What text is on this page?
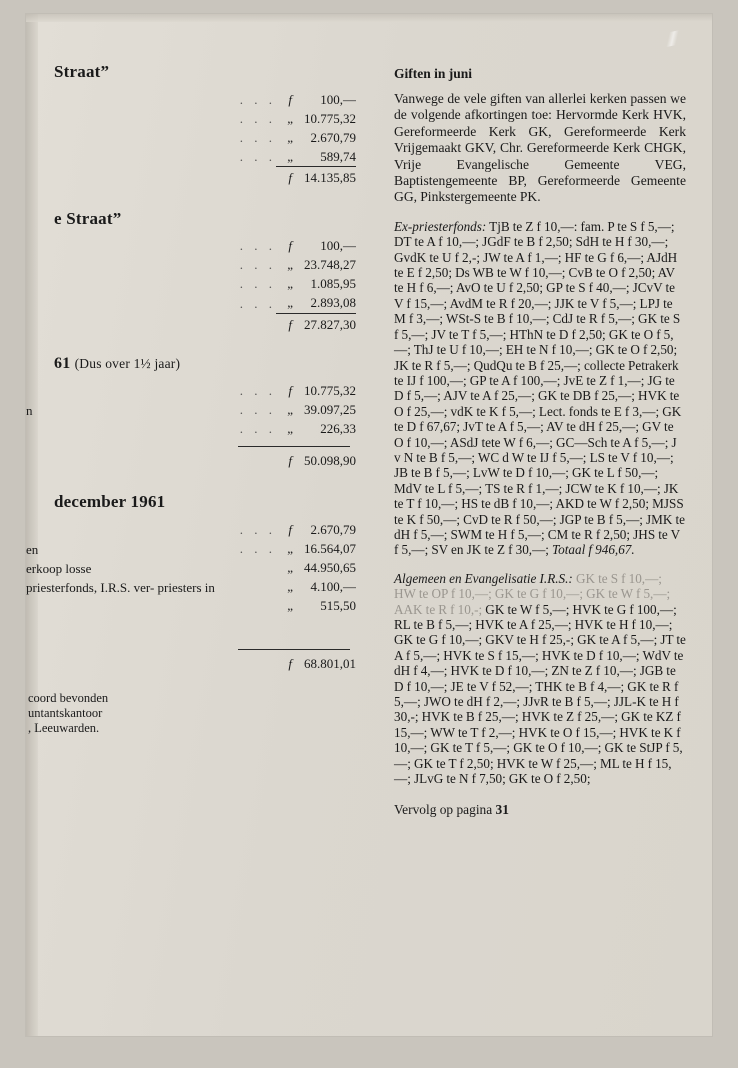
Straat”
	. . .	f	100,—
	. . .	„	10.775,32
	. . .	„	2.670,79
	. . .	„	589,74
		f	14.135,85

e Straat”
	. . .	f	100,—
	. . .	„	23.748,27
	. . .	„	1.085,95
	. . .	„	2.893,08
		f	27.827,30

61 (Dus over 1½ jaar)
	. . .	f	10.775,32
n	. . .	„	39.097,25
	. . .	„	226,33
		f	50.098,90
december 1961
	. . .	f	2.670,79
en	. . .	„	16.564,07
erkoop losse		„	44.950,65
priesterfonds, I.R.S. ver- priesters in		„	4.100,—
		„	515,50
		f	68.801,01
coord bevonden
untantskantoor
, Leeuwarden.
Giften in juni

Vanwege de vele giften van allerlei kerken passen we de volgende afkortingen toe: Hervormde Kerk HVK, Gereformeerde Kerk GK, Gereformeerde Kerk Vrijgemaakt GKV, Chr. Gereformeerde Kerk CHGK, Vrije Evangelische Gemeente VEG, Baptistengemeente BP, Gereformeerde Gemeente GG, Pinkstergemeente PK.

Ex-priesterfonds: TjB te Z f 10,—: fam. P te S f 5,—; DT te A f 10,—; JGdF te B f 2,50; SdH te H f 30,—; GvdK te U f 2,-; JW te A f 1,—; HF te G f 6,—; AJdH te E f 2,50; Ds WB te W f 10,—; CvB te O f 2,50; AV te H f 6,—; AvO te U f 2,50; GP te S f 40,—; JCvV te V f 15,—; AvdM te R f 20,—; JJK te V f 5,—; LPJ te M f 3,—; WSt-S te B f 10,—; CdJ te R f 5,—; GK te S f 5,—; JV te T f 5,—; HThN te D f 2,50; GK te O f 5,—; ThJ te U f 10,—; EH te N f 10,—; GK te O f 2,50; JK te R f 5,—; QudQu te B f 25,—; collecte Petrakerk te IJ f 100,—; GP te A f 100,—; JvE te Z f 1,—; JG te D f 5,—; AJV te A f 25,—; GK te DB f 25,—; HVK te O f 25,—; vdK te K f 5,—; Lect. fonds te E f 3,—; GK te D f 67,67; JvT te A f 5,—; AV te dH f 25,—; GV te O f 10,—; ASdJ tete W f 6,—; GC—Sch te A f 5,—; J v N te B f 5,—; WC d W te IJ f 5,—; LS te V f 10,—; JB te B f 5,—; LvW te D f 10,—; GK te L f 50,—; MdV te L f 5,—; TS te R f 1,—; JCW te K f 10,—; JK te T f 10,—; HS te dB f 10,—; AKD te W f 2,50; MJSS te K f 50,—; CvD te R f 50,—; JGP te B f 5,—; JMK te dH f 5,—; SWM te H f 5,—; CM te R f 2,50; JHS te V f 5,—; SV en JK te Z f 30,—; Totaal f 946,67.

Algemeen en Evangelisatie I.R.S.: GK te S f 10,—; HW te OP f 10,—; GK te G f 10,—; GK te W f 5,—; AAK te R f 10,-; GK te W f 5,—; HVK te G f 100,—; RL te B f 5,—; HVK te A f 25,—; HVK te H f 10,—; GK te G f 10,—; GKV te H f 25,-; GK te A f 5,—; JT te A f 5,—; HVK te S f 15,—; HVK te D f 10,—; WdV te dH f 4,—; HVK te D f 10,—; ZN te Z f 10,—; JGB te D f 10,—; JE te V f 52,—; THK te B f 4,—; GK te R f 5,—; JWO te dH f 2,—; JJvR te B f 5,—; JJL-K te H f 30,-; HVK te B f 25,—; HVK te Z f 25,—; GK te KZ f 15,—; WW te T f 2,—; HVK te O f 15,—; HVK te K f 10,—; GK te T f 5,—; GK te O f 10,—; GK te StJP f 5,—; GK te T f 2,50; HVK te W f 25,—; ML te H f 15,—; JLvG te N f 7,50; GK te O f 2,50;

Vervolg op pagina 31
